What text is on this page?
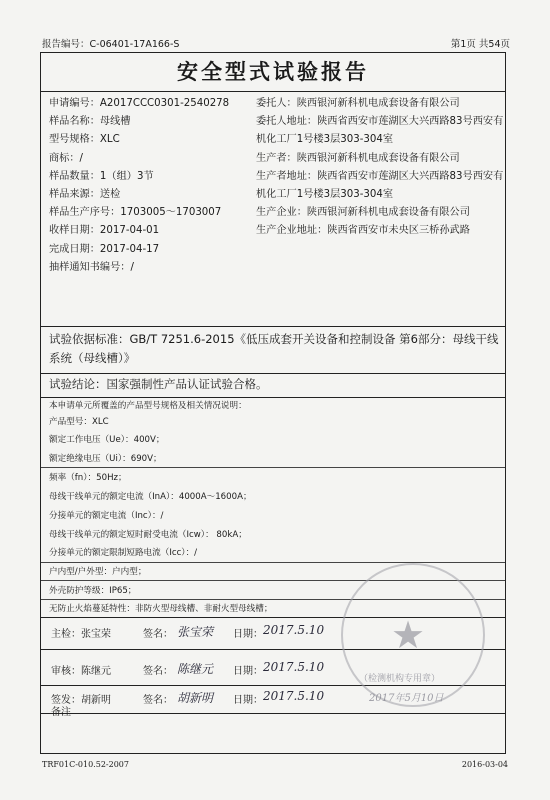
报告编号：C-06401-17A166-S	第1页 共54页
安全型式试验报告
申请编号：A2017CCC0301-2540278
样品名称：母线槽
型号规格：XLC
商标：/
样品数量：1（组）3节
样品来源：送检
样品生产序号：1703005～1703007
收样日期：2017-04-01
完成日期：2017-04-17
抽样通知书编号：/
委托人：陕西银河新科机电成套设备有限公司
委托人地址：陕西省西安市莲湖区大兴西路83号西安有机化工厂1号楼3层303-304室
生产者：陕西银河新科机电成套设备有限公司
生产者地址：陕西省西安市莲湖区大兴西路83号西安有机化工厂1号楼3层303-304室
生产企业：陕西银河新科机电成套设备有限公司
生产企业地址：陕西省西安市未央区三桥孙武路
试验依据标准：GB/T 7251.6-2015《低压成套开关设备和控制设备 第6部分：母线干线系统（母线槽）》
试验结论：国家强制性产品认证试验合格。
本申请单元所覆盖的产品型号规格及相关情况说明：
产品型号：XLC
额定工作电压（Ue）：400V；
额定绝缘电压（Ui）：690V；
频率（fn）：50Hz；
母线干线单元的额定电流（InA）：4000A～1600A；
分接单元的额定电流（Inc）：/
母线干线单元的额定短时耐受电流（Icw）： 80kA；
分接单元的额定限制短路电流（Icc）：/
户内型/户外型：户内型；
外壳防护等级：IP65；
无防止火焰蔓延特性：非防火型母线槽、非耐火型母线槽；
主检： 张宝荣	签名： 张宝荣 日期： 2017.5.10
审核： 陈继元	签名： 陈继元 日期： 2017.5.10
签发： 胡新明	签名： 胡新明 日期： 2017.5.10
★
（检测机构专用章）
2017年5月10日
备注
TRF01C-010.52-2007	2016-03-04
